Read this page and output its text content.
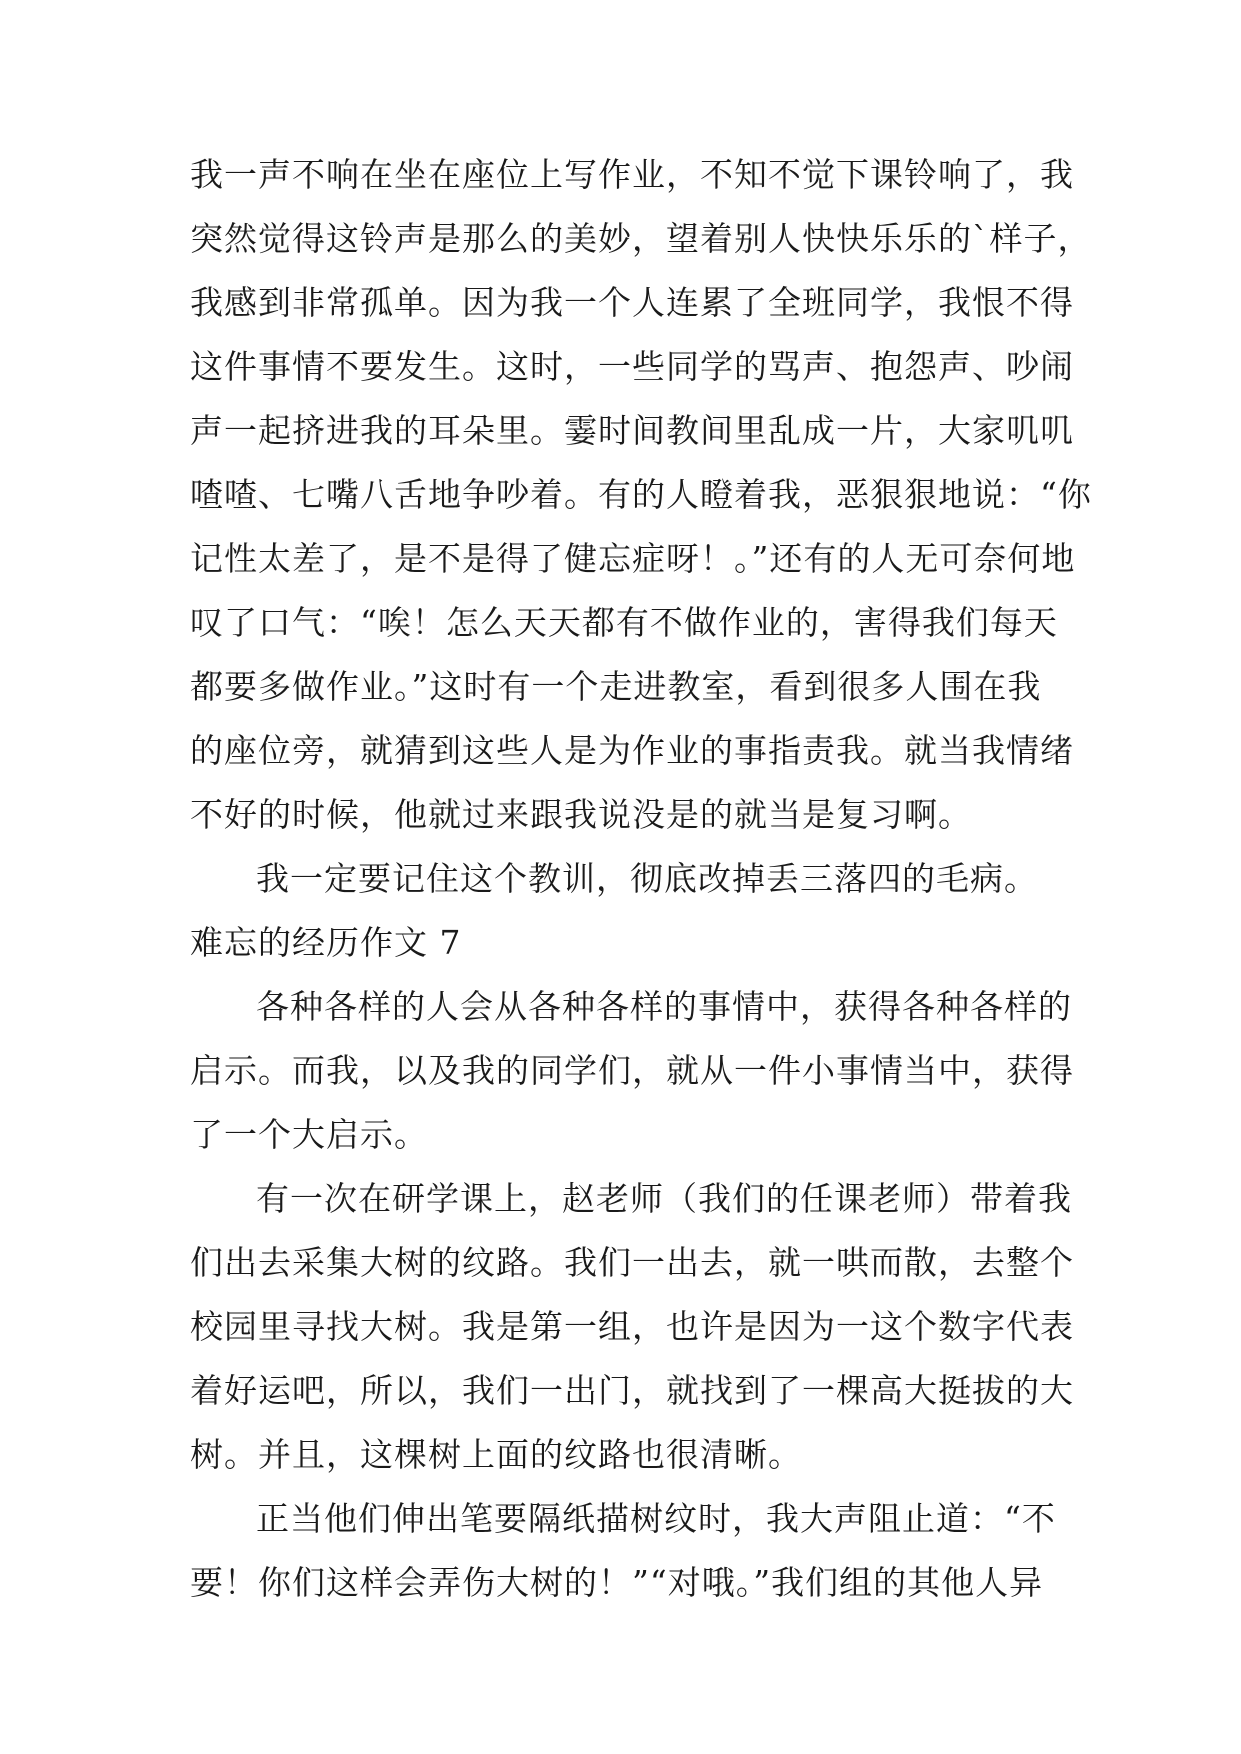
我一声不响在坐在座位上写作业，不知不觉下课铃响了，我
突然觉得这铃声是那么的美妙，望着别人快快乐乐的`样子，
我感到非常孤单。因为我一个人连累了全班同学，我恨不得
这件事情不要发生。这时，一些同学的骂声、抱怨声、吵闹
声一起挤进我的耳朵里。霎时间教间里乱成一片，大家叽叽
喳喳、七嘴八舌地争吵着。有的人瞪着我，恶狠狠地说：“你
记性太差了，是不是得了健忘症呀！。”还有的人无可奈何地
叹了口气：“唉！怎么天天都有不做作业的，害得我们每天
都要多做作业。”这时有一个走进教室，看到很多人围在我
的座位旁，就猜到这些人是为作业的事指责我。就当我情绪
不好的时候，他就过来跟我说没是的就当是复习啊。
我一定要记住这个教训，彻底改掉丢三落四的毛病。
难忘的经历作文 7
各种各样的人会从各种各样的事情中，获得各种各样的
启示。而我，以及我的同学们，就从一件小事情当中，获得
了一个大启示。
有一次在研学课上，赵老师（我们的任课老师）带着我
们出去采集大树的纹路。我们一出去，就一哄而散，去整个
校园里寻找大树。我是第一组，也许是因为一这个数字代表
着好运吧，所以，我们一出门，就找到了一棵高大挺拔的大
树。并且，这棵树上面的纹路也很清晰。
正当他们伸出笔要隔纸描树纹时，我大声阻止道：“不
要！你们这样会弄伤大树的！”“对哦。”我们组的其他人异
